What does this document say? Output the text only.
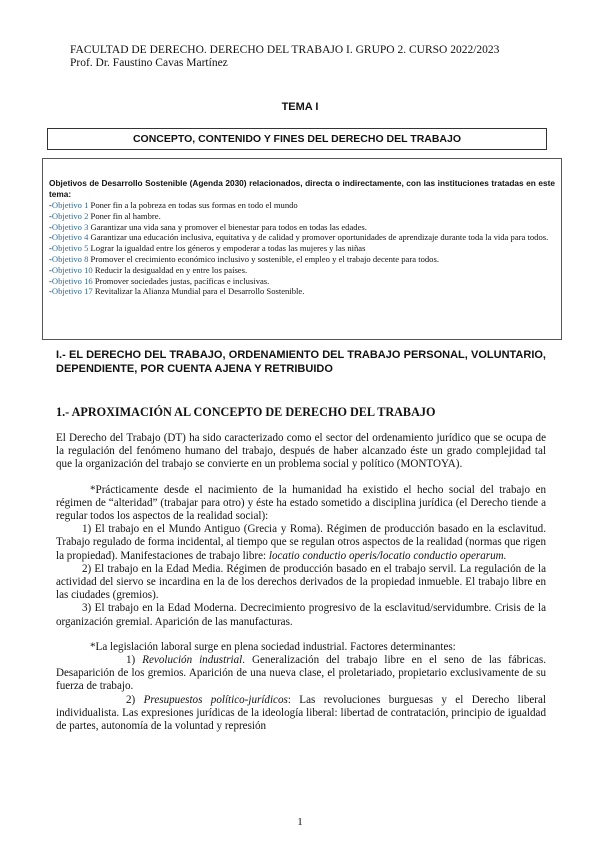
FACULTAD DE DERECHO. DERECHO DEL TRABAJO I. GRUPO 2. CURSO 2022/2023
Prof. Dr. Faustino Cavas Martínez
TEMA I
CONCEPTO, CONTENIDO Y FINES DEL DERECHO DEL TRABAJO
Objetivos de Desarrollo Sostenible (Agenda 2030) relacionados, directa o indirectamente, con las instituciones tratadas en este tema:
-Objetivo 1 Poner fin a la pobreza en todas sus formas en todo el mundo
-Objetivo 2 Poner fin al hambre.
-Objetivo 3 Garantizar una vida sana y promover el bienestar para todos en todas las edades.
-Objetivo 4 Garantizar una educación inclusiva, equitativa y de calidad y promover oportunidades de aprendizaje durante toda la vida para todos.
-Objetivo 5 Lograr la igualdad entre los géneros y empoderar a todas las mujeres y las niñas
-Objetivo 8 Promover el crecimiento económico inclusivo y sostenible, el empleo y el trabajo decente para todos.
-Objetivo 10 Reducir la desigualdad en y entre los países.
-Objetivo 16 Promover sociedades justas, pacíficas e inclusivas.
-Objetivo 17 Revitalizar la Alianza Mundial para el Desarrollo Sostenible.
I.- EL DERECHO DEL TRABAJO, ORDENAMIENTO DEL TRABAJO PERSONAL, VOLUNTARIO, DEPENDIENTE, POR CUENTA AJENA Y RETRIBUIDO
1.- APROXIMACIÓN AL CONCEPTO DE DERECHO DEL TRABAJO

El Derecho del Trabajo (DT) ha sido caracterizado como el sector del ordenamiento jurídico que se ocupa de la regulación del fenómeno humano del trabajo, después de haber alcanzado éste un grado complejidad tal que la organización del trabajo se convierte en un problema social y político (MONTOYA).

*Prácticamente desde el nacimiento de la humanidad ha existido el hecho social del trabajo en régimen de “alteridad” (trabajar para otro) y éste ha estado sometido a disciplina jurídica (el Derecho tiende a regular todos los aspectos de la realidad social):

1) El trabajo en el Mundo Antiguo (Grecia y Roma). Régimen de producción basado en la esclavitud. Trabajo regulado de forma incidental, al tiempo que se regulan otros aspectos de la realidad (normas que rigen la propiedad). Manifestaciones de trabajo libre: locatio conductio operis/locatio conductio operarum.

2) El trabajo en la Edad Media. Régimen de producción basado en el trabajo servil. La regulación de la actividad del siervo se incardina en la de los derechos derivados de la propiedad inmueble. El trabajo libre en las ciudades (gremios).

3) El trabajo en la Edad Moderna. Decrecimiento progresivo de la esclavitud/servidumbre. Crisis de la organización gremial. Aparición de las manufacturas.

*La legislación laboral surge en plena sociedad industrial. Factores determinantes:

1) Revolución industrial. Generalización del trabajo libre en el seno de las fábricas. Desaparición de los gremios. Aparición de una nueva clase, el proletariado, propietario exclusivamente de su fuerza de trabajo.

2) Presupuestos político-jurídicos: Las revoluciones burguesas y el Derecho liberal individualista. Las expresiones jurídicas de la ideología liberal: libertad de contratación, principio de igualdad de partes, autonomía de la voluntad y represión

1
